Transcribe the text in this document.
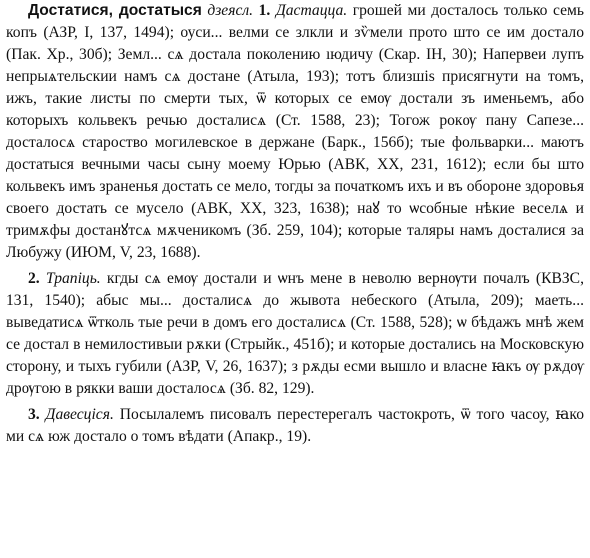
Достатися, достатыся дзеясл. 1. Дастацца. грошей ми досталось только семь копъ (АЗР, I, 137, 1494); оуси... велми се злкли и зѷмели прото што се им достало (Пак. Хр., 30б); Земл... сѧ достала поколению ıюдичу (Скар. IH, 30); Напервеи лупъ непрыѧтельскии намъ сѧ достане (Атыла, 193); тотъ близшiѕ присягнути на томъ, ижъ, такие листы по смерти тых, ѿ которых се емѹ достали зъ именьемъ, або которыхъ кольвекъ речью досталисѧ (Ст. 1588, 23); Тогож рокѹ пану Сапезе... досталосѧ староство могилевское в держане (Барк., 156б); тые фольварки... маютъ достатыся вечными часы сыну моему Юрью (АВК, XX, 231, 1612); если бы што кольвекъ имъ зраненья достать се мело, тогды за початкомъ ихъ и въ обороне здоровья своего достать се мусело (АВК, XX, 323, 1638); наꙋ то ѡсобные нѣкие веселѧ и тримѫфы достанꙋтсѧ мѫченикомъ (Зб. 259, 104); которые таляры намъ досталися за Любужу (ИЮМ, V, 23, 1688).

2. Трапіць. кгды сѧ емѹ достали и ѡнъ мене в неволю вернѹти почалъ (КВЗС, 131, 1540); абыс мы... досталисѧ до жывота небеского (Атыла, 209); маеть... выведатисѧ ѿтколь тые речи в домъ его досталисѧ (Ст. 1588, 528); ѡ бѣдажъ мнѣ жем се достал в немилостивыи рѫки (Стрыйк., 451б); и которые достались на Московскую сторону, и тыхъ губили (АЗР, V, 26, 1637); з рѫды есми вышло и власне ꙗкъ ѹ рѫдѹ дрѹгою в рякки ваши досталосѧ (Зб. 82, 129).

3. Давесціся. Посылалемъ писовалъ перестерегалъ частокроть, ѿ того часоу, ꙗко ми сѧ юж достало о томъ вѣдати (Апакр., 19).
